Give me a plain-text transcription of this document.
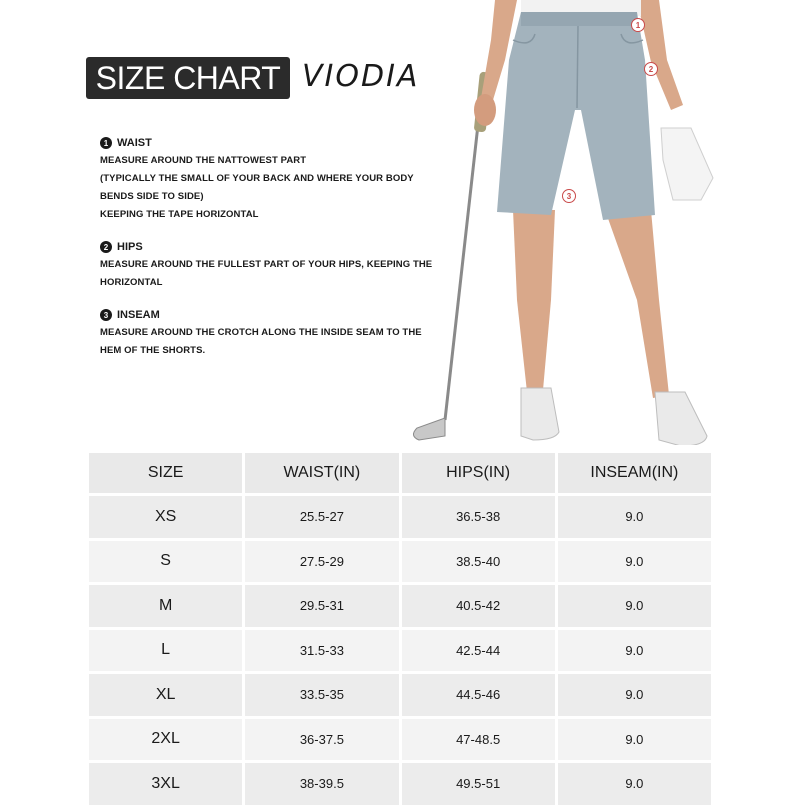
SIZE CHART VIODIA
1 WAIST
MEASURE AROUND THE NATTOWEST PART
(TYPICALLY THE SMALL OF YOUR BACK AND WHERE YOUR BODY
BENDS SIDE TO SIDE)
KEEPING THE TAPE HORIZONTAL
2 HIPS
MEASURE AROUND THE FULLEST PART OF YOUR HIPS, KEEPING THE
HORIZONTAL
3 INSEAM
MEASURE AROUND THE CROTCH ALONG THE INSIDE SEAM TO THE
HEM OF THE SHORTS.
1
2
3
SIZE	WAIST(IN)	HIPS(IN)	INSEAM(IN)
XS	25.5-27	36.5-38	9.0
S	27.5-29	38.5-40	9.0
M	29.5-31	40.5-42	9.0
L	31.5-33	42.5-44	9.0
XL	33.5-35	44.5-46	9.0
2XL	36-37.5	47-48.5	9.0
3XL	38-39.5	49.5-51	9.0
